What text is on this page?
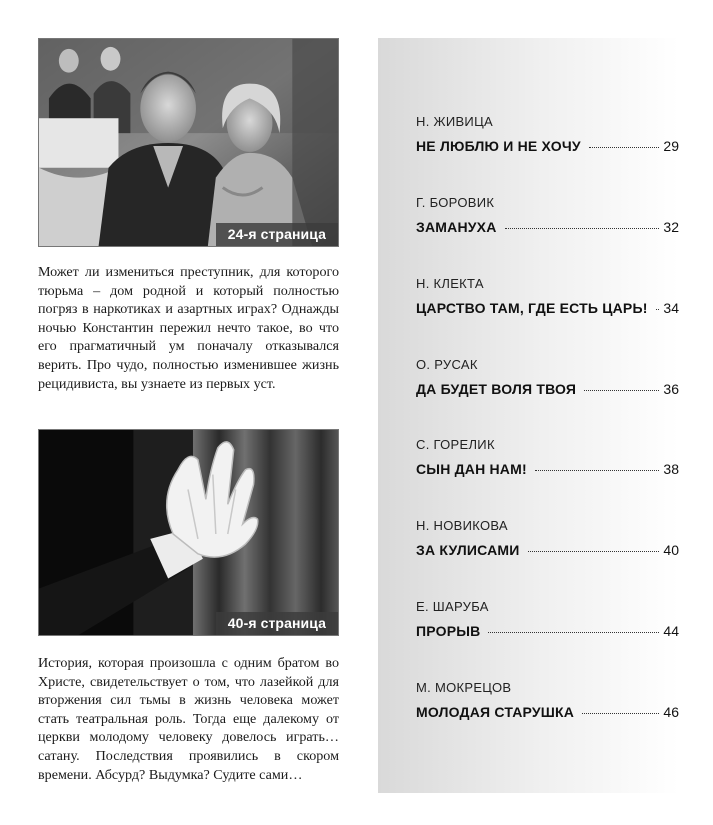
24-я страница

Может ли измениться преступник, для которого тюрьма – дом родной и который полностью погряз в наркотиках и азартных играх? Однажды ночью Константин пережил нечто такое, во что его прагматичный ум поначалу отказывался верить. Про чудо, полностью изменившее жизнь рецидивиста, вы узнаете из первых уст.

40-я страница

История, которая произошла с одним братом во Христе, свидетельствует о том, что лазейкой для вторжения сил тьмы в жизнь человека может стать театральная роль. Тогда еще далекому от церкви молодому человеку довелось играть… сатану. Последствия проявились в скором времени. Абсурд? Выдумка? Судите сами…

Н. ЖИВИЦА
НЕ ЛЮБЛЮ И НЕ ХОЧУ	29
Г. БОРОВИК
ЗАМАНУХА	32
Н. КЛЕКТА
ЦАРСТВО ТАМ, ГДЕ ЕСТЬ ЦАРЬ! 34
О. РУСАК
ДА БУДЕТ ВОЛЯ ТВОЯ	36
С. ГОРЕЛИК
СЫН ДАН НАМ!	38
Н. НОВИКОВА
ЗА КУЛИСАМИ	40
Е. ШАРУБА
ПРОРЫВ	44
М. МОКРЕЦОВ
МОЛОДАЯ СТАРУШКА	46
